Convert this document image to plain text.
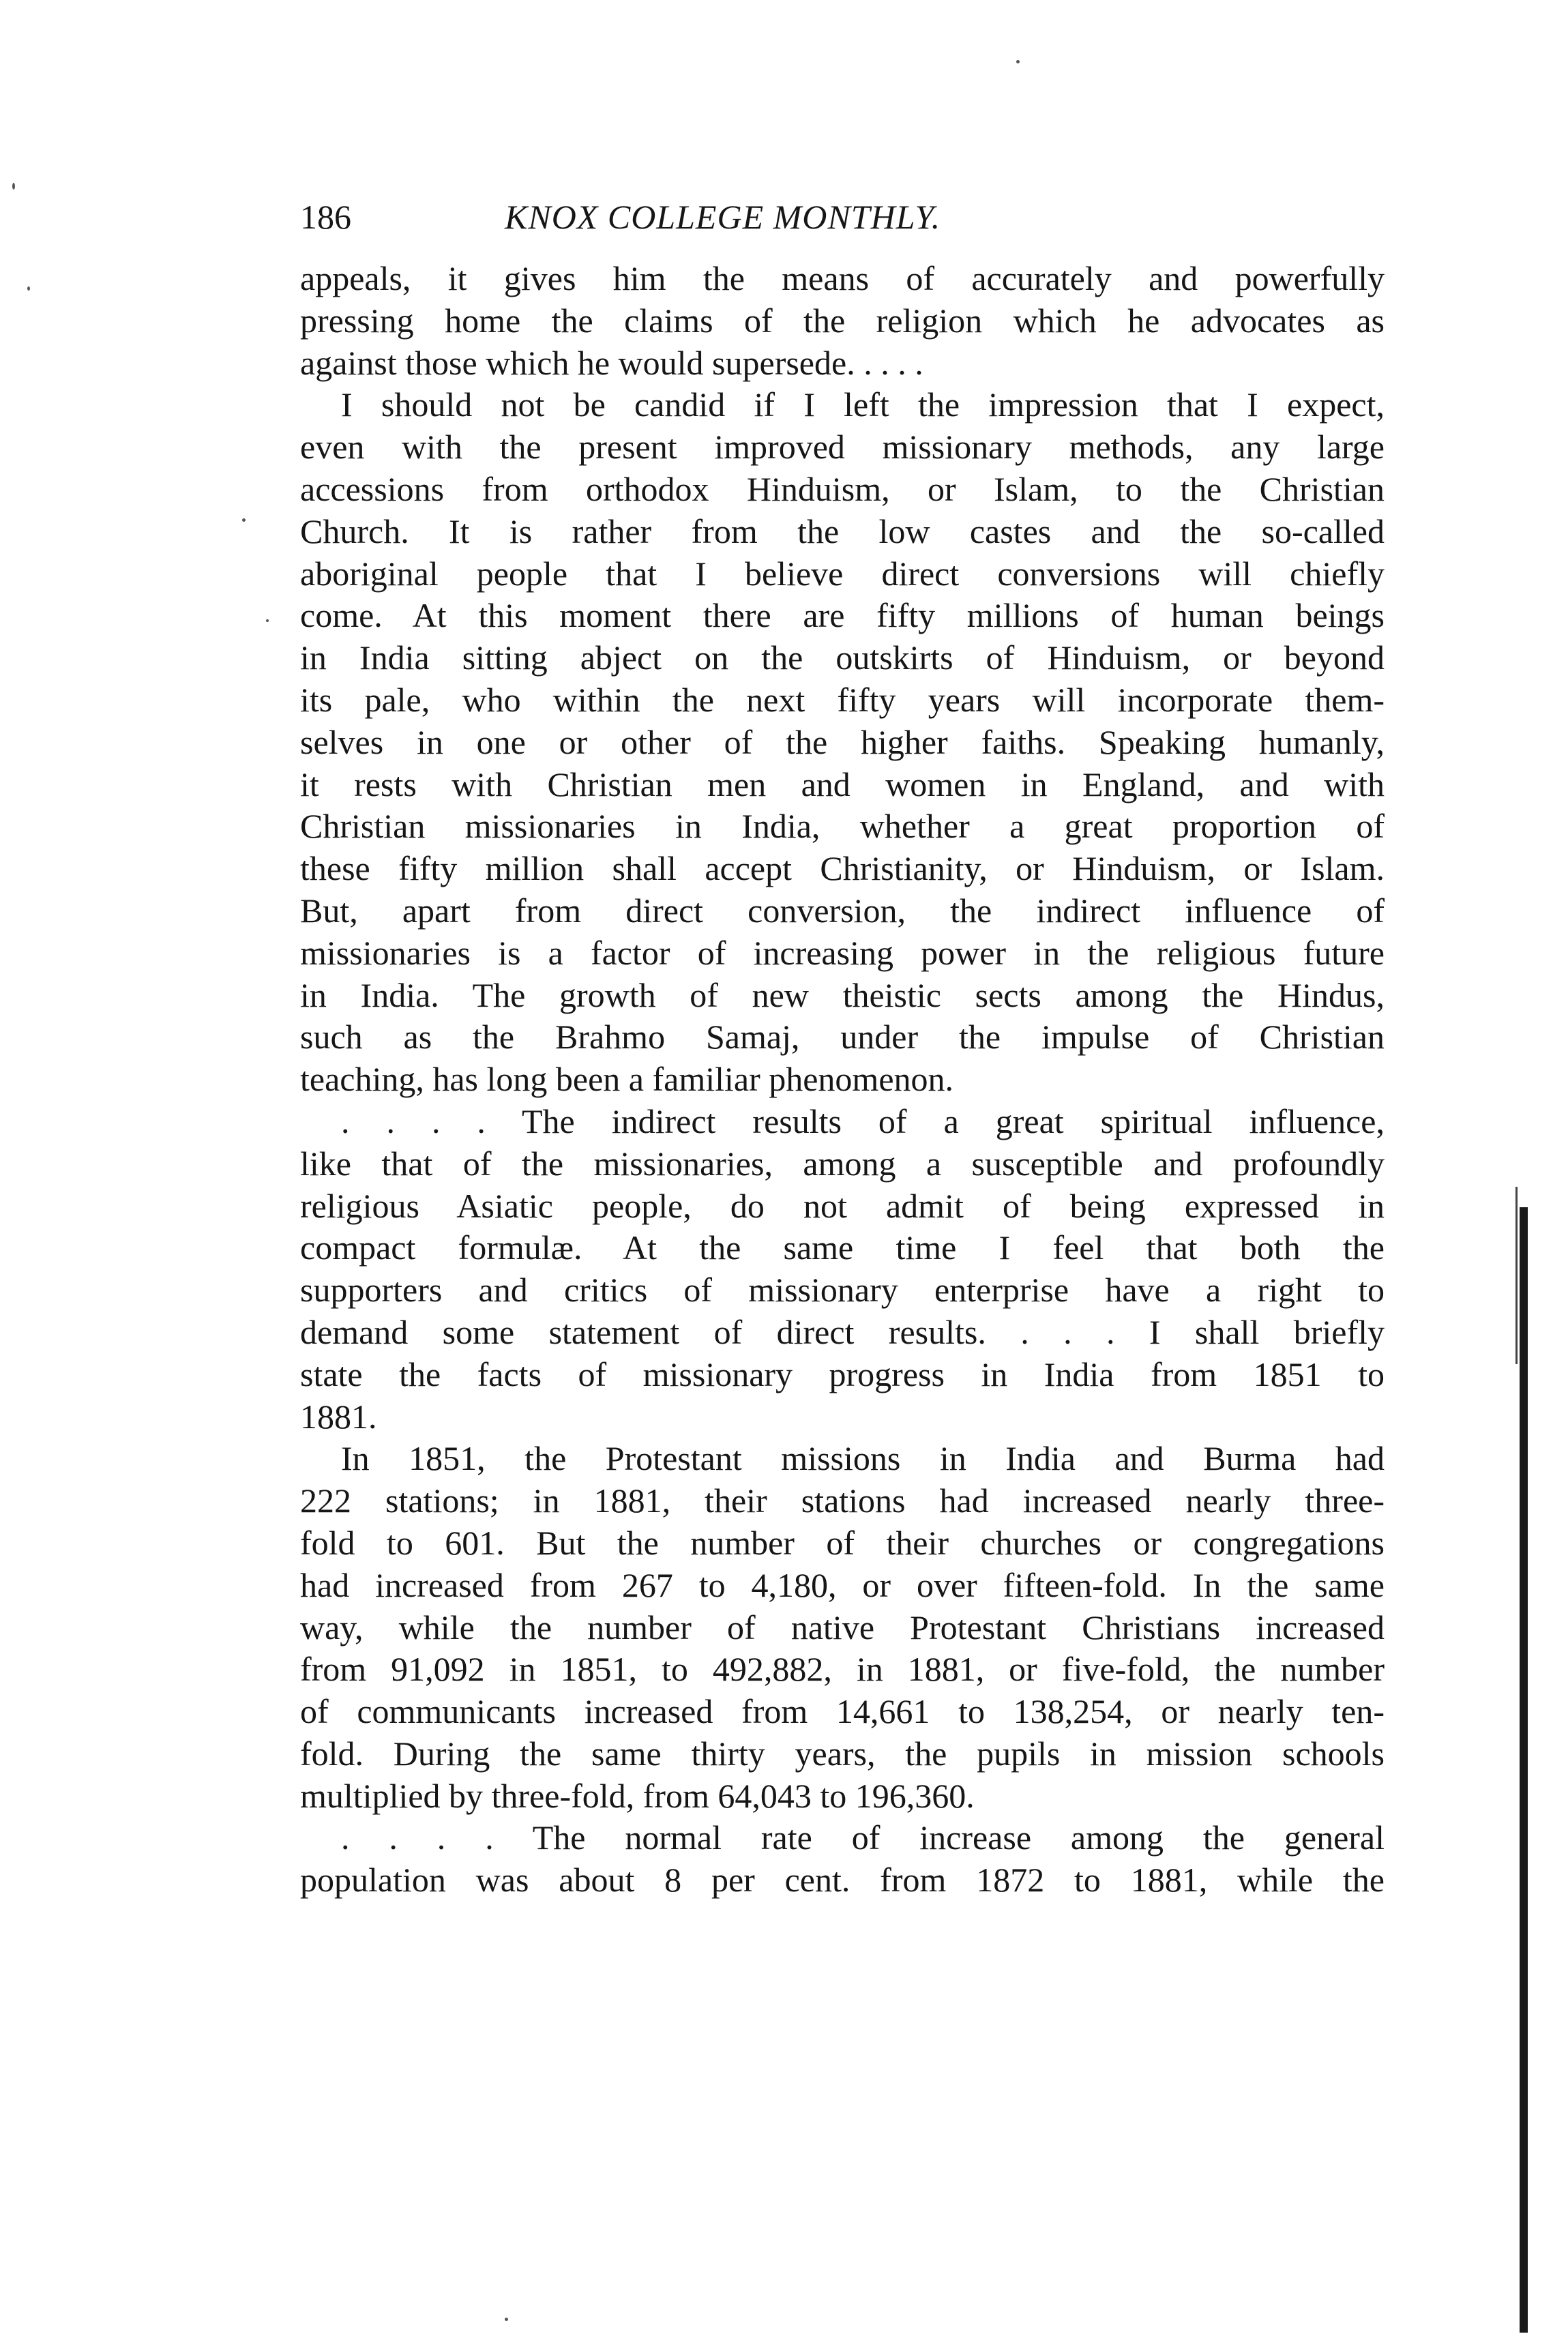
186	KNOX COLLEGE MONTHLY.

appeals, it gives him the means of accurately and powerfully
pressing home the claims of the religion which he advocates as
against those which he would supersede. . . . .

I should not be candid if I left the impression that I expect,
even with the present improved missionary methods, any large
accessions from orthodox Hinduism, or Islam, to the Christian
Church. It is rather from the low castes and the so-called
aboriginal people that I believe direct conversions will chiefly
come. At this moment there are fifty millions of human beings
in India sitting abject on the outskirts of Hinduism, or beyond
its pale, who within the next fifty years will incorporate them-
selves in one or other of the higher faiths. Speaking humanly,
it rests with Christian men and women in England, and with
Christian missionaries in India, whether a great proportion of
these fifty million shall accept Christianity, or Hinduism, or Islam.
But, apart from direct conversion, the indirect influence of
missionaries is a factor of increasing power in the religious future
in India. The growth of new theistic sects among the Hindus,
such as the Brahmo Samaj, under the impulse of Christian
teaching, has long been a familiar phenomenon.

. . . . The indirect results of a great spiritual influence,
like that of the missionaries, among a susceptible and profoundly
religious Asiatic people, do not admit of being expressed in
compact formulæ. At the same time I feel that both the
supporters and critics of missionary enterprise have a right to
demand some statement of direct results. . . . I shall briefly
state the facts of missionary progress in India from 1851 to
1881.

In 1851, the Protestant missions in India and Burma had
222 stations; in 1881, their stations had increased nearly three-
fold to 601. But the number of their churches or congregations
had increased from 267 to 4,180, or over fifteen-fold. In the same
way, while the number of native Protestant Christians increased
from 91,092 in 1851, to 492,882, in 1881, or five-fold, the number
of communicants increased from 14,661 to 138,254, or nearly ten-
fold. During the same thirty years, the pupils in mission schools
multiplied by three-fold, from 64,043 to 196,360.

. . . . The normal rate of increase among the general
population was about 8 per cent. from 1872 to 1881, while the
